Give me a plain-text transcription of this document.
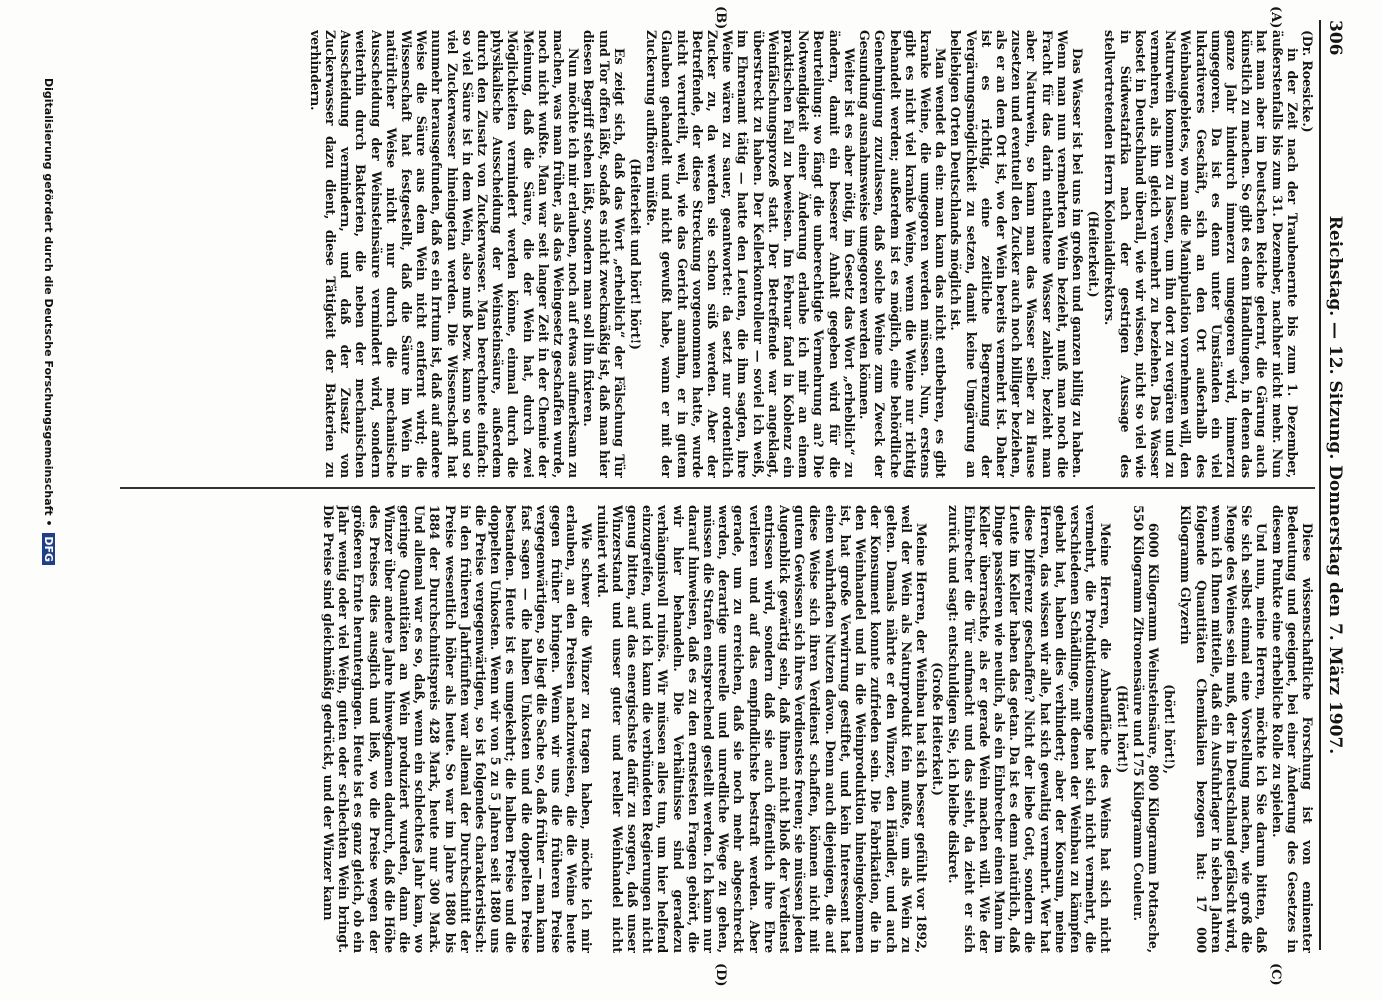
306
Reichstag. — 12. Sitzung. Donnerstag den 7. März 1907.
(A)
(B)
(C)
(D)

(Dr. Roesicke.)

in der Zeit nach der Traubenernte bis zum 1. Dezember, äußerstenfalls bis zum 31. Dezember, nachher nicht mehr. Nun hat man aber im Deutschen Reiche gelernt, die Gärung auch künstlich zu machen. So gibt es denn Handlungen, in denen das ganze Jahr hindurch immerzu umgegoren wird, immerzu umgegoren. Da ist es denn unter Umständen ein viel lukrativeres Geschäft, sich an den Ort außerhalb des Weinbaugebietes, wo man die Manipulation vornehmen will, den Naturwein kommen zu lassen, um ihn dort zu vergären und zu vermehren, als ihn gleich vermehrt zu beziehen. Das Wasser kostet in Deutschland überall, wie wir wissen, nicht so viel wie in Südwestafrika nach der gestrigen Aussage des stellvertretenden Herrn Kolonialdirektors.

(Heiterkeit.)

Das Wasser ist bei uns im großen und ganzen billig zu haben. Wenn man nun vermehrten Wein bezieht, muß man noch die Fracht für das darin enthaltene Wasser zahlen; bezieht man aber Naturwein, so kann man das Wasser selber zu Hause zusetzen und eventuell den Zucker auch noch billiger beziehen, als er an dem Ort ist, wo der Wein bereits vermehrt ist. Daher ist es richtig, eine zeitliche Begrenzung der Vergärungsmöglichkeit zu setzen, damit keine Umgärung an beliebigen Orten Deutschlands möglich ist.

Man wendet da ein: man kann das nicht entbehren, es gibt kranke Weine, die umgegoren werden müssen. Nun, erstens gibt es nicht viel kranke Weine, wenn die Weine nur richtig behandelt werden; außerdem ist es möglich, eine behördliche Genehmigung zuzulassen, daß solche Weine zum Zweck der Gesundung ausnahmsweise umgegoren werden können.

Weiter ist es aber nötig, im Gesetz das Wort „erheblich“ zu ändern, damit ein besserer Anhalt gegeben wird für die Beurteilung: wo fängt die unberechtigte Vermehrung an? Die Notwendigkeit einer Änderung erlaube ich mir an einem praktischen Fall zu beweisen. Im Februar fand in Koblenz ein Weinfälschungsprozeß statt. Der Betreffende war angeklagt, überstreckt zu haben. Der Kellerkontrolleur — soviel ich weiß, im Ehrenamt tätig — hatte den Leuten, die ihm sagten, ihre Weine wären zu sauer, geantwortet: da setzt nur ordentlich Zucker zu, da werden sie schon süß werden. Aber der Betreffende, der diese Streckung vorgenommen hatte, wurde nicht verurteilt, weil, wie das Gericht annahm, er in gutem Glauben gehandelt und nicht gewußt habe, wann er mit der Zuckerung aufhören müßte.

(Heiterkeit und hört! hört!)

Es zeigt sich, daß das Wort „erheblich“ der Fälschung Tür und Tor offen läßt, sodaß es nicht zweckmäßig ist, daß man hier diesen Begriff stehen läßt, sondern man soll ihn fixieren.

Nun möchte ich mir erlauben, noch auf etwas aufmerksam zu machen, was man früher, als das Weingesetz geschaffen wurde, noch nicht wußte. Man war seit langer Zeit in der Chemie der Meinung, daß die Säure, die der Wein hat, durch zwei Möglichkeiten vermindert werden könne, einmal durch die physikalische Ausscheidung der Weinsteinsäure, außerdem durch den Zusatz von Zuckerwasser. Man berechnete einfach: so viel Säure ist in dem Wein, also muß bezw. kann so und so viel Zuckerwasser hineingetan werden. Die Wissenschaft hat nunmehr herausgefunden, daß es ein Irrtum ist, daß auf andere Weise die Säure aus dem Wein nicht entfernt wird; die Wissenschaft hat festgestellt, daß die Säure im Wein in natürlicher Weise nicht nur durch die mechanische Ausscheidung der Weinsteinsäure vermindert wird, sondern weiterhin durch Bakterien, die neben der mechanischen Ausscheidung vermindern, und daß der Zusatz von Zuckerwasser dazu dient, diese Tätigkeit der Bakterien zu verhindern.

Diese wissenschaftliche Forschung ist von eminenter Bedeutung und geeignet, bei einer Änderung des Gesetzes in diesem Punkte eine erhebliche Rolle zu spielen.

Und nun, meine Herren, möchte ich Sie darum bitten, daß Sie sich selbst einmal eine Vorstellung machen, wie groß die Menge des Weines sein muß, der in Deutschland gefälscht wird, wenn ich Ihnen mitteile, daß ein Ausfuhrlager in sieben Jahren folgende Quantitäten Chemikalien bezogen hat: 17 000 Kilogramm Glyzerin

(hört! hört!),

6000 Kilogramm Weinsteinsäure, 800 Kilogramm Pottasche, 550 Kilogramm Zitronensäure und 175 Kilogramm Couleur.

(Hört! hört!)

Meine Herren, die Anbaufläche des Weins hat sich nicht vermehrt, die Produktionsmenge hat sich nicht vermehrt, die verschiedenen Schädlinge, mit denen der Weinbau zu kämpfen gehabt hat, haben dies verhindert; aber der Konsum, meine Herren, das wissen wir alle, hat sich gewaltig vermehrt. Wer hat diese Differenz geschaffen? Nicht der liebe Gott, sondern die Leute im Keller haben das getan. Da ist es denn natürlich, daß Dinge passieren wie neulich, als ein Einbrecher einen Mann im Keller überraschte, als er gerade Wein machen will. Wie der Einbrecher die Tür aufmacht und das sieht, da zieht er sich zurück und sagt: entschuldigen Sie, ich bleibe diskret.

(Große Heiterkeit.)

Meine Herren, der Weinbau hat sich besser gefühlt vor 1892, weil der Wein als Naturprodukt fein mußte, um als Wein zu gelten. Damals nährte er den Winzer, den Händler, und auch der Konsument konnte zufrieden sein. Die Fabrikation, die in den Weinhandel und in die Weinproduktion hineingekommen ist, hat große Verwirrung gestiftet, und kein Interessent hat einen wahrhaften Nutzen davon. Denn auch diejenigen, die auf diese Weise sich ihren Verdienst schaffen, können nicht mit gutem Gewissen sich ihres Verdienstes freuen; sie müssen jeden Augenblick gewärtig sein, daß ihnen nicht bloß der Verdienst entrissen wird, sondern daß sie auch öffentlich ihre Ehre verlieren und auf das empfindlichste bestraft werden. Aber gerade, um zu erreichen, daß sie noch mehr abgeschreckt werden, derartige unreelle und unredliche Wege zu gehen, müssen die Strafen entsprechend gestellt werden. Ich kann nur darauf hinweisen, daß es zu den ernstesten Fragen gehört, die wir hier behandeln. Die Verhältnisse sind geradezu verhängnisvoll ruinös. Wir müssen alles tun, um hier helfend einzugreifen, und ich kann die verbündeten Regierungen nicht genug bitten, auf das energischste dafür zu sorgen, daß unser Winzerstand und unser guter und reeller Weinhandel nicht ruiniert wird.

Wie schwer die Winzer zu tragen haben, möchte ich mir erlauben, an den Preisen nachzuweisen, die die Weine heute gegen früher bringen. Wenn wir uns die früheren Preise vergegenwärtigen, so liegt die Sache so, daß früher — man kann fast sagen — die halben Unkosten und die doppelten Preise bestanden. Heute ist es umgekehrt; die halben Preise und die doppelten Unkosten. Wenn wir von 5 zu 5 Jahren seit 1880 uns die Preise vergegenwärtigen, so ist folgendes charakteristisch: in den früheren Jahrfünften war allemal der Durchschnitt der Preise wesentlich höher als heute. So war im Jahre 1880 bis 1884 der Durchschnittspreis 428 Mark, heute nur 300 Mark. Und allemal war es so, daß, wenn ein schlechtes Jahr kam, wo geringe Quantitäten an Wein produziert wurden, dann die Winzer über andere Jahre hinwegkamen dadurch, daß die Höhe des Preises dies ausglich und ließ, wo die Preise wegen der größeren Ernte heruntergingen. Heute ist es ganz gleich, ob ein Jahr wenig oder viel Wein, guten oder schlechten Wein bringt. Die Preise sind gleichmäßig gedrückt, und der Winzer kann

Digitalisierung gefördert durch die Deutsche Forschungsgemeinschaft • DFG
